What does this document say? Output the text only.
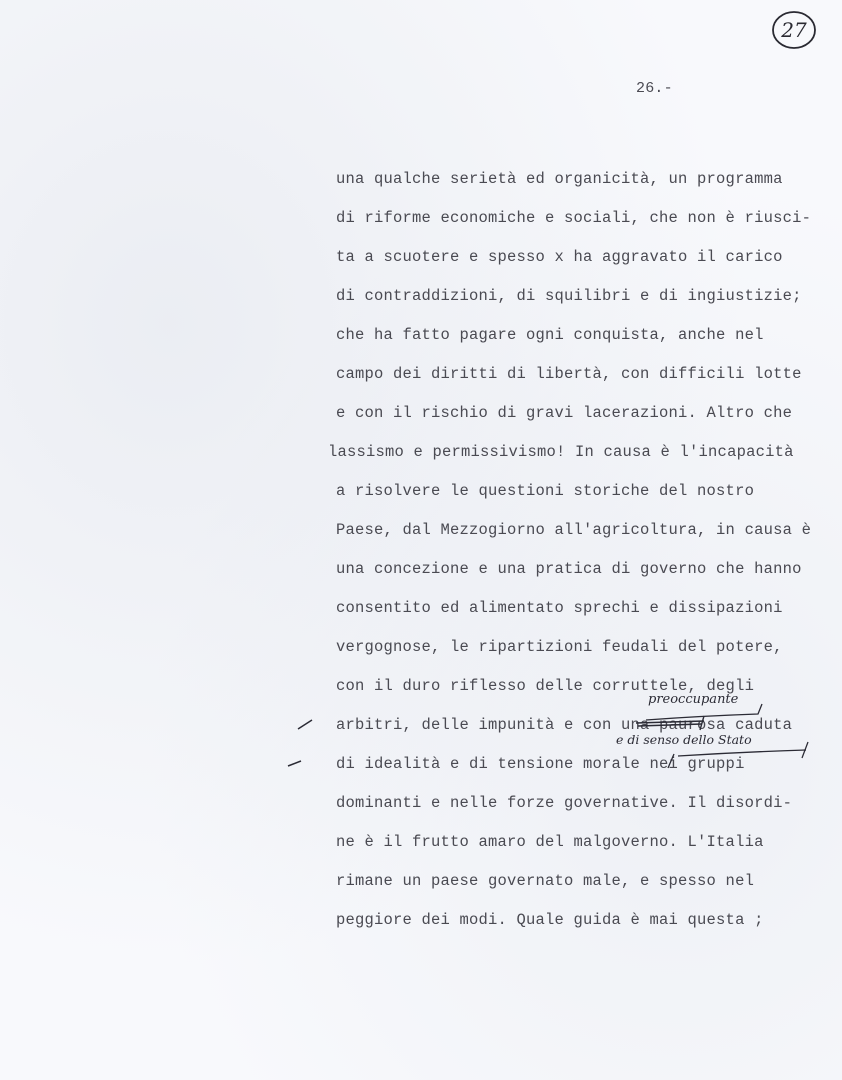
27
26.-
una qualche serietà ed organicità, un programma
di riforme economiche e sociali, che non è riusci-
ta a scuotere e spesso x ha aggravato il carico
di contraddizioni, di squilibri e di ingiustizie;
che ha fatto pagare ogni conquista, anche nel
campo dei diritti di libertà, con difficili lotte
e con il rischio di gravi lacerazioni. Altro che
lassismo e permissivismo! In causa è l'incapacità
a risolvere le questioni storiche del nostro
Paese, dal Mezzogiorno all'agricoltura, in causa è
una concezione e una pratica di governo che hanno
consentito ed alimentato sprechi e dissipazioni
vergognose, le ripartizioni feudali del potere,
con il duro riflesso delle corruttele, degli
arbitri, delle impunità e con una paurosa caduta
di idealità e di tensione morale nei gruppi
dominanti e nelle forze governative. Il disordi-
ne è il frutto amaro del malgoverno. L'Italia
rimane un paese governato male, e spesso nel
peggiore dei modi. Quale guida è mai questa ;
preoccupante
e di senso dello Stato
